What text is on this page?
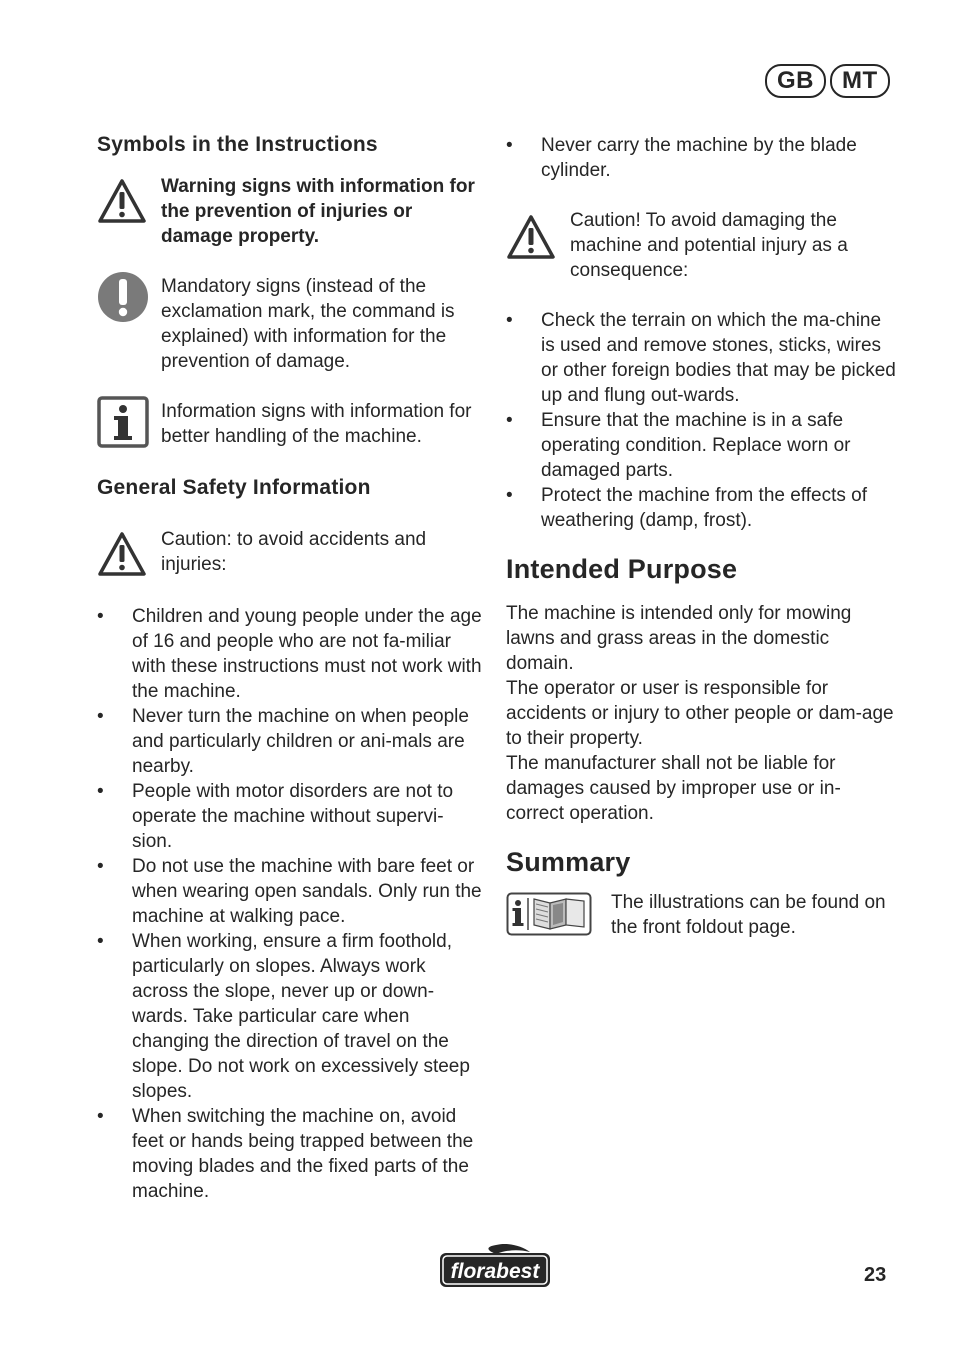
GB	MT
Symbols in the Instructions
Warning signs with information for the prevention of injuries or damage property.
Mandatory signs (instead of the exclamation mark, the command is explained) with information for the prevention of damage.
Information signs with information for better handling of the machine.
General Safety Information
Caution: to avoid accidents and injuries:
• Children and young people under the age of 16 and people who are not fa-miliar with these instructions must not work with the machine.
• Never turn the machine on when people and particularly children or ani-mals are nearby.
• People with motor disorders are not to operate the machine without supervi-sion.
• Do not use the machine with bare feet or when wearing open sandals. Only run the machine at walking pace.
• When working, ensure a firm foothold, particularly on slopes. Always work across the slope, never up or down-wards. Take particular care when changing the direction of travel on the slope. Do not work on excessively steep slopes.
• When switching the machine on, avoid feet or hands being trapped between the moving blades and the fixed parts of the machine.
• Never carry the machine by the blade cylinder.
Caution! To avoid damaging the machine and potential injury as a consequence:
• Check the terrain on which the ma-chine is used and remove stones, sticks, wires or other foreign bodies that may be picked up and flung out-wards.
• Ensure that the machine is in a safe operating condition. Replace worn or damaged parts.
• Protect the machine from the effects of weathering (damp, frost).
Intended Purpose
The machine is intended only for mowing lawns and grass areas in the domestic domain.
The operator or user is responsible for accidents or injury to other people or dam-age to their property.
The manufacturer shall not be liable for damages caused by improper use or in-correct operation.
Summary
The illustrations can be found on the front foldout page.
florabest	23
